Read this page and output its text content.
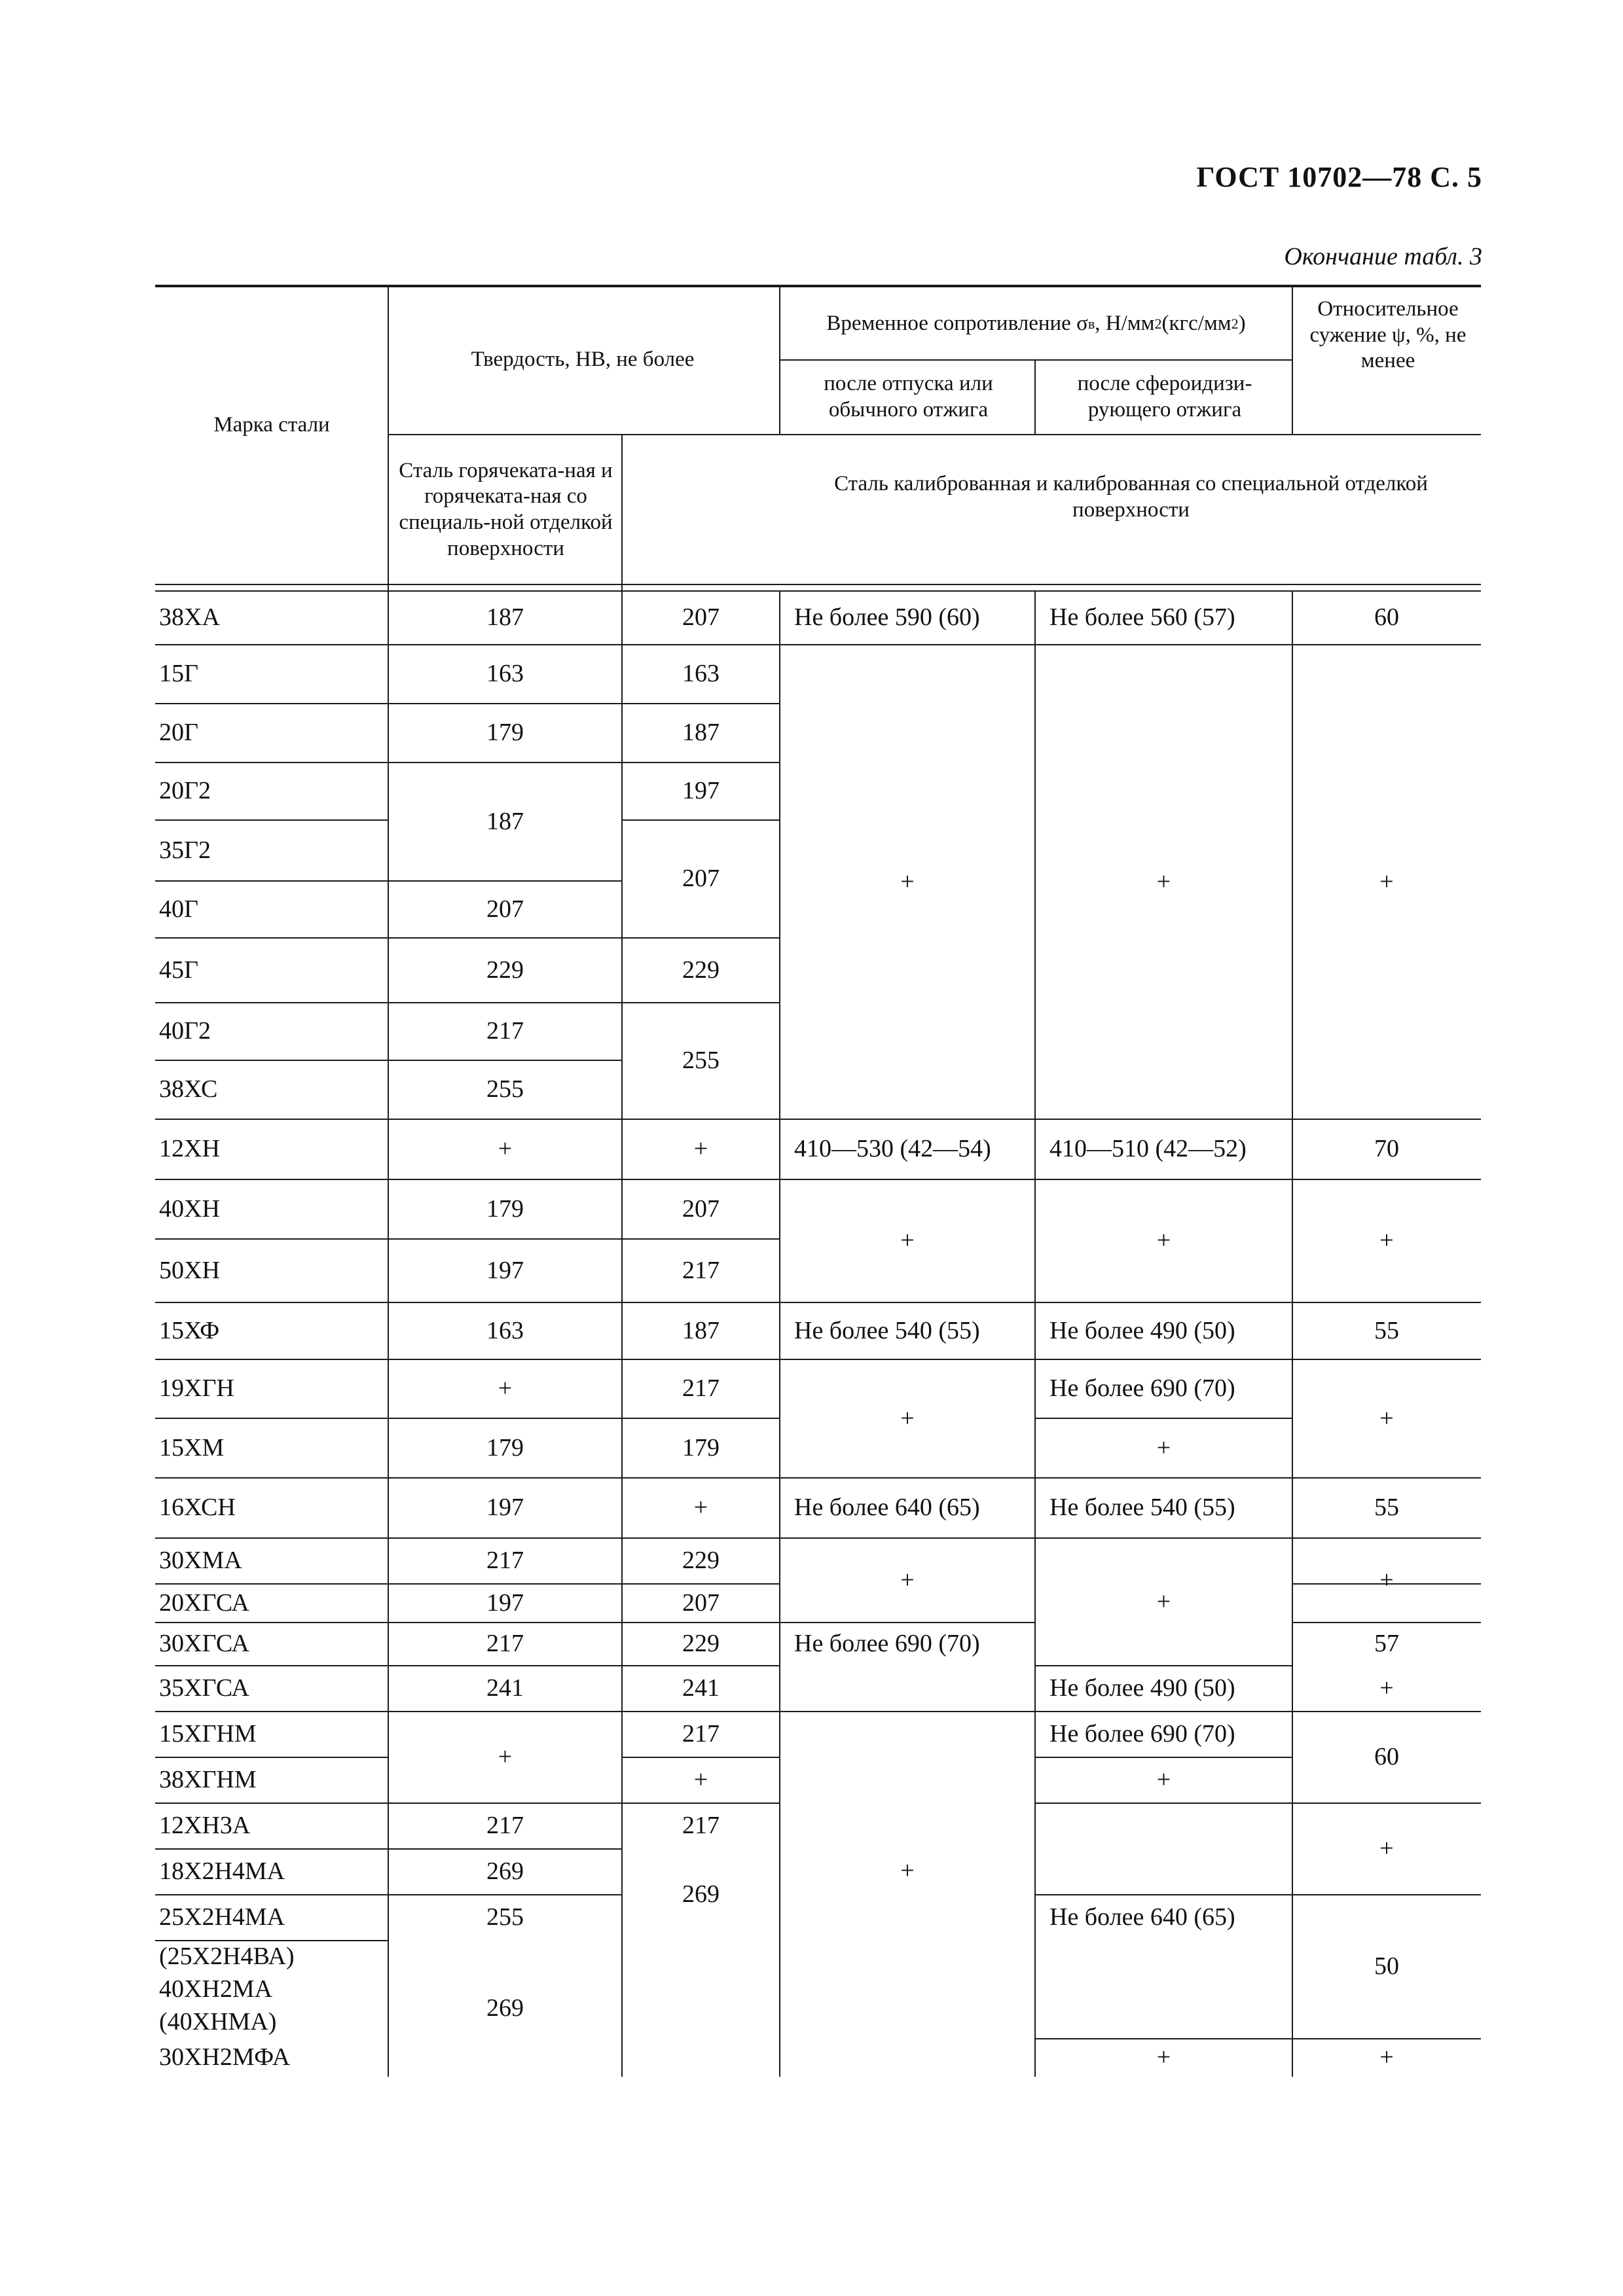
ГОСТ 10702—78 С. 5
Окончание табл. 3
Марка стали
Твердость, НВ, не более
Временное сопротивление σ в , Н/мм 2 (кгс/мм 2 )
после отпуска или обычного отжига
после сфероидизи-рующего отжига
Относительное сужение ψ, %, не менее
Сталь горячеката-ная и горячеката-ная со специаль-ной отделкой поверхности
Сталь калиброванная и калиброванная со специальной отделкой поверхности
38ХА
15Г
20Г
20Г2
35Г2
40Г
45Г
40Г2
38ХС
12ХН
40ХН
50ХН
15ХФ
19ХГН
15ХМ
16ХСН
30ХМА
20ХГСА
30ХГСА
35ХГСА
15ХГНМ
38ХГНМ
12ХН3А
18Х2Н4МА
25Х2Н4МА
(25Х2Н4ВА)
40ХН2МА
(40ХНМА)
30ХН2МФА
187
163
179
187
207
229
217
255
+
179
197
163
+
179
197
217
197
217
241
+
217
269
255
269
207
163
187
197
207
229
255
+
207
217
187
217
179
+
229
207
229
241
217
+
217
269
Не более 590 (60)
+
410—530 (42—54)
+
Не более 540 (55)
+
Не более 640 (65)
+
Не более 690 (70)
+
Не более 560 (57)
+
410—510 (42—52)
+
Не более 490 (50)
Не более 690 (70)
+
Не более 540 (55)
+
Не более 490 (50)
Не более 690 (70)
+
Не более 640 (65)
+
60
+
70
+
55
+
55
+
57
+
60
+
50
+
